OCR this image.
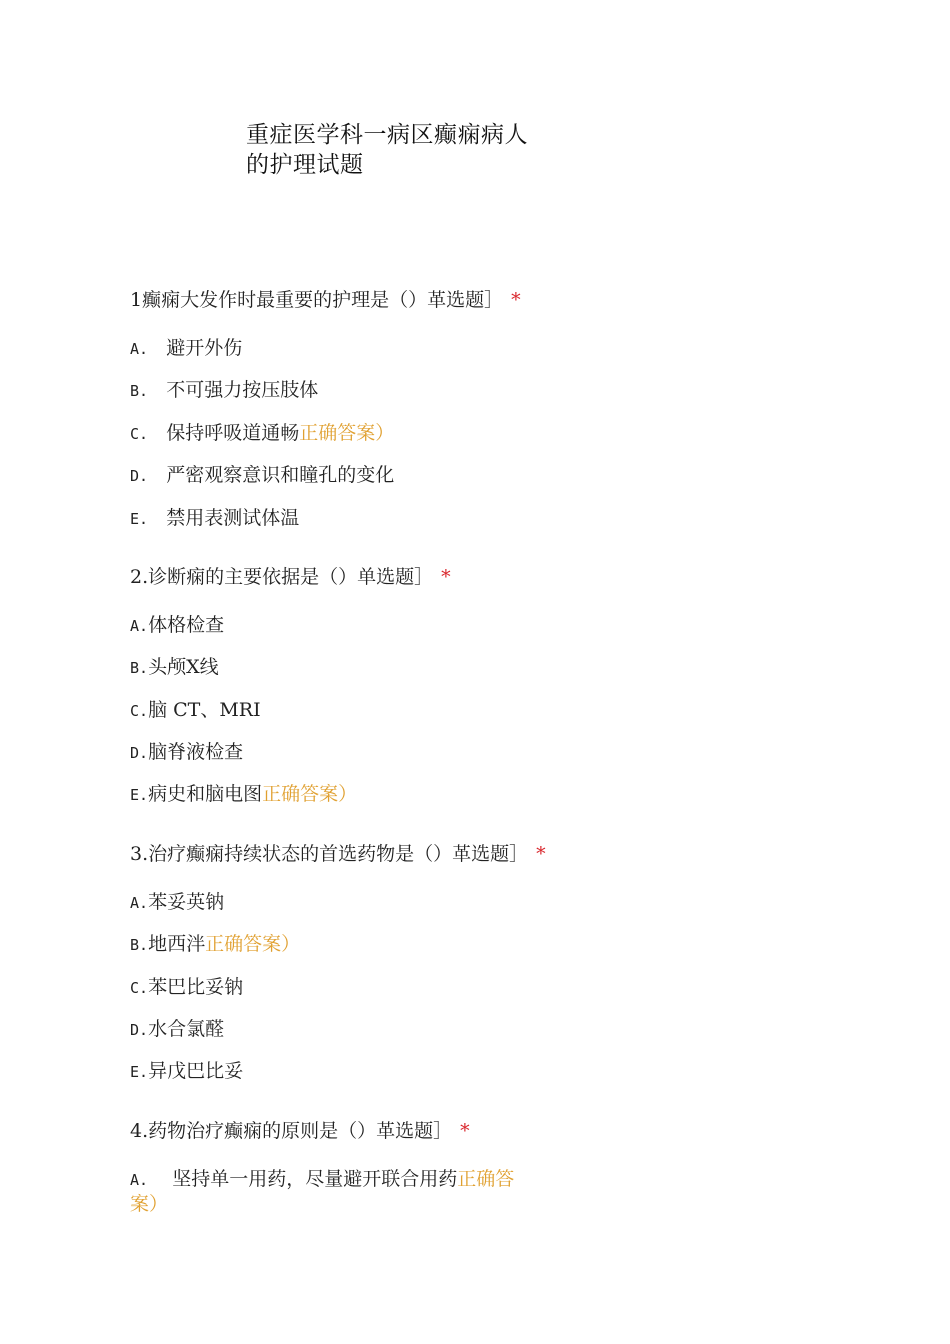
重症医学科一病区癫痫病人
的护理试题
1癫痫大发作时最重要的护理是（）革选题］ *
A. 避开外伤
B. 不可强力按压肢体
C. 保持呼吸道通畅正确答案）
D. 严密观察意识和瞳孔的变化
E. 禁用表测试体温
2.诊断痫的主要依据是（）单选题］ *
A.体格检查
B.头颅X线
C.脑 CT、MRI
D.脑脊液检查
E.病史和脑电图正确答案）
3.治疗癫痫持续状态的首选药物是（）革选题］ *
A.苯妥英钠
B.地西泮正确答案）
C.苯巴比妥钠
D.水合氯醛
E.异戊巴比妥
4.药物治疗癫痫的原则是（）革选题］ *
A. 坚持单一用药，尽量避开联合用药正确答
案）
